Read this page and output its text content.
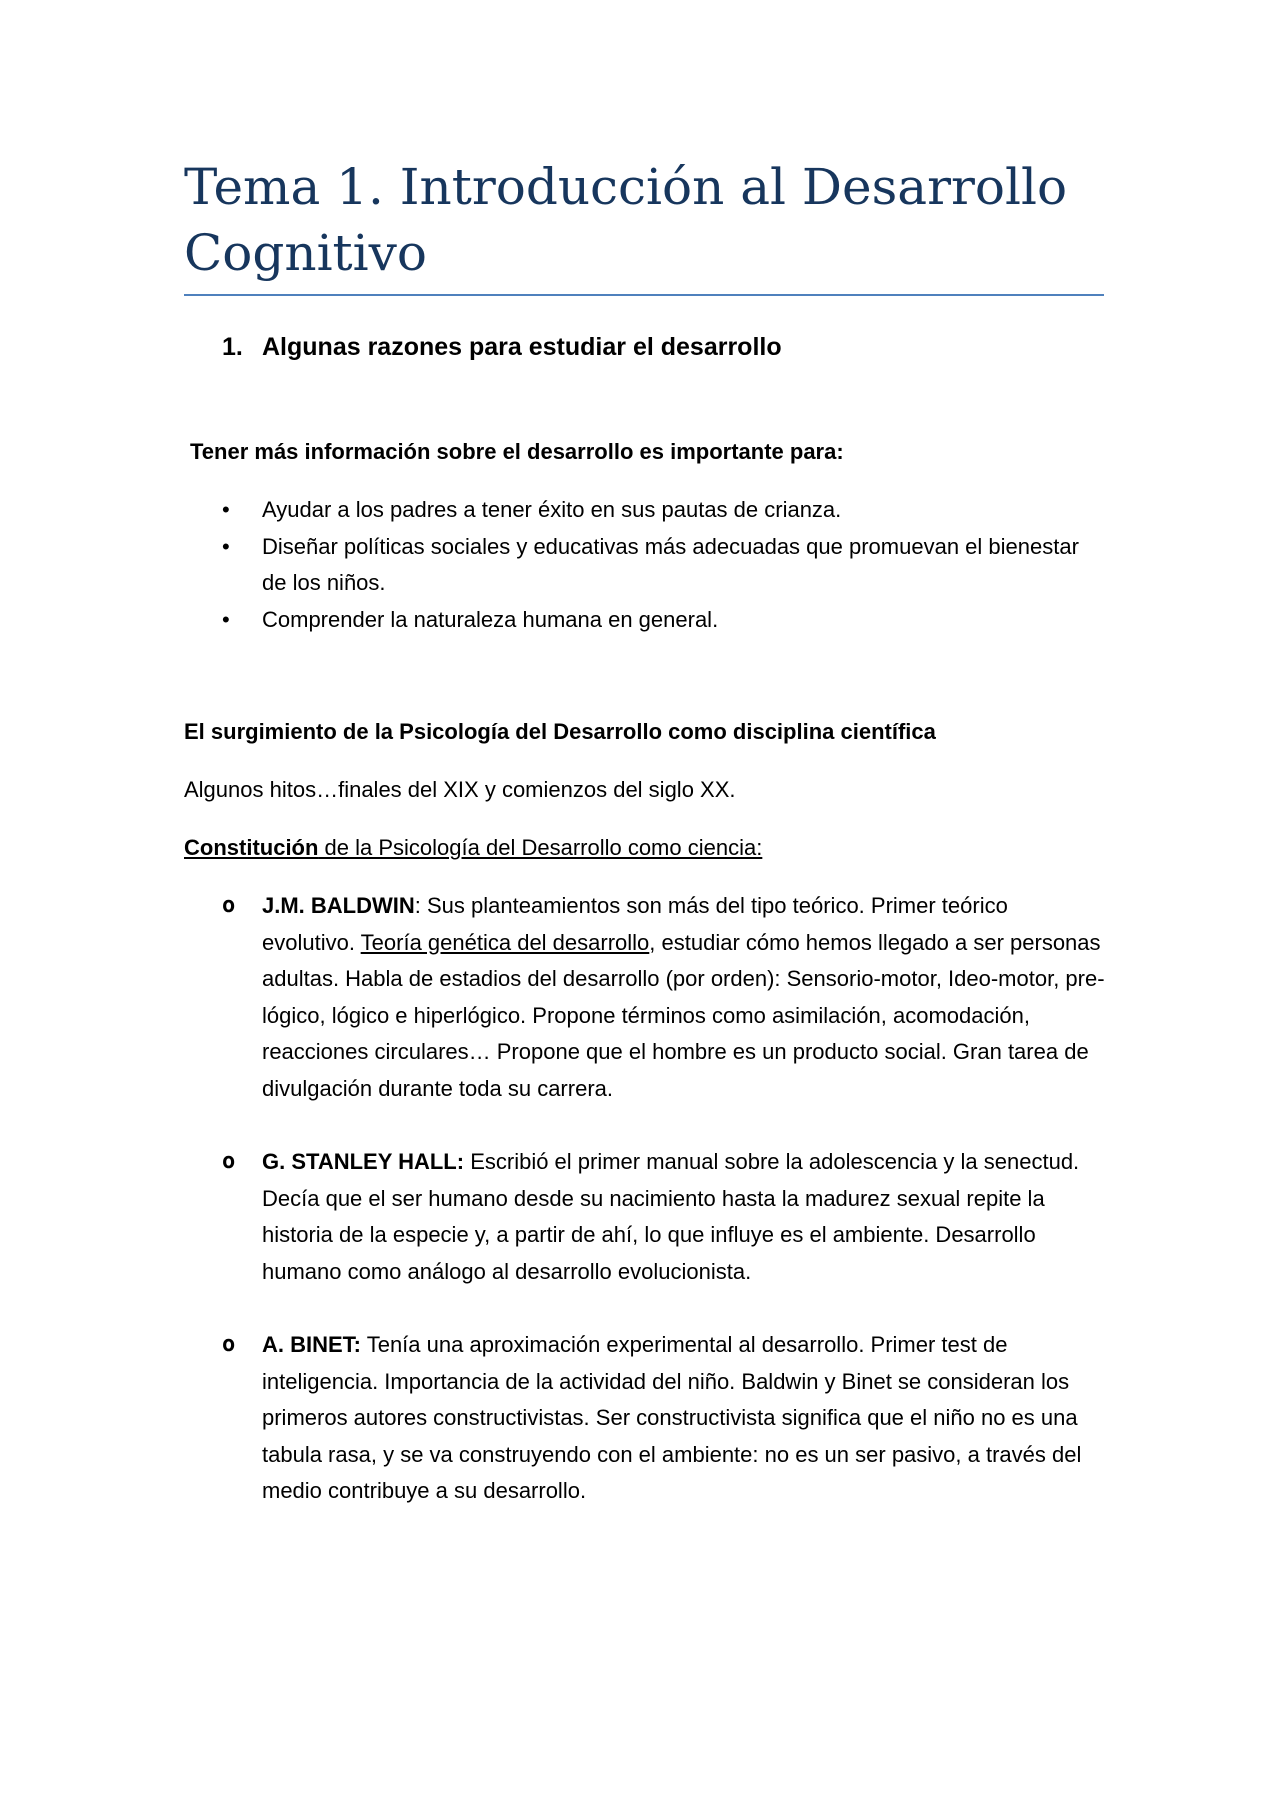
Tema 1. Introducción al Desarrollo Cognitivo
1. Algunas razones para estudiar el desarrollo

Tener más información sobre el desarrollo es importante para:

•	Ayudar a los padres a tener éxito en sus pautas de crianza.
•	Diseñar políticas sociales y educativas más adecuadas que promuevan el bienestar de los niños.
•	Comprender la naturaleza humana en general.

El surgimiento de la Psicología del Desarrollo como disciplina científica

Algunos hitos…finales del XIX y comienzos del siglo XX.

Constitución de la Psicología del Desarrollo como ciencia:

o J.M. BALDWIN: Sus planteamientos son más del tipo teórico. Primer teórico evolutivo. Teoría genética del desarrollo, estudiar cómo hemos llegado a ser personas adultas. Habla de estadios del desarrollo (por orden): Sensorio-motor, Ideo-motor, pre-lógico, lógico e hiperlógico. Propone términos como asimilación, acomodación, reacciones circulares… Propone que el hombre es un producto social. Gran tarea de divulgación durante toda su carrera.
o G. STANLEY HALL: Escribió el primer manual sobre la adolescencia y la senectud. Decía que el ser humano desde su nacimiento hasta la madurez sexual repite la historia de la especie y, a partir de ahí, lo que influye es el ambiente. Desarrollo humano como análogo al desarrollo evolucionista.
o A. BINET: Tenía una aproximación experimental al desarrollo. Primer test de inteligencia. Importancia de la actividad del niño. Baldwin y Binet se consideran los primeros autores constructivistas. Ser constructivista significa que el niño no es una tabula rasa, y se va construyendo con el ambiente: no es un ser pasivo, a través del medio contribuye a su desarrollo.
